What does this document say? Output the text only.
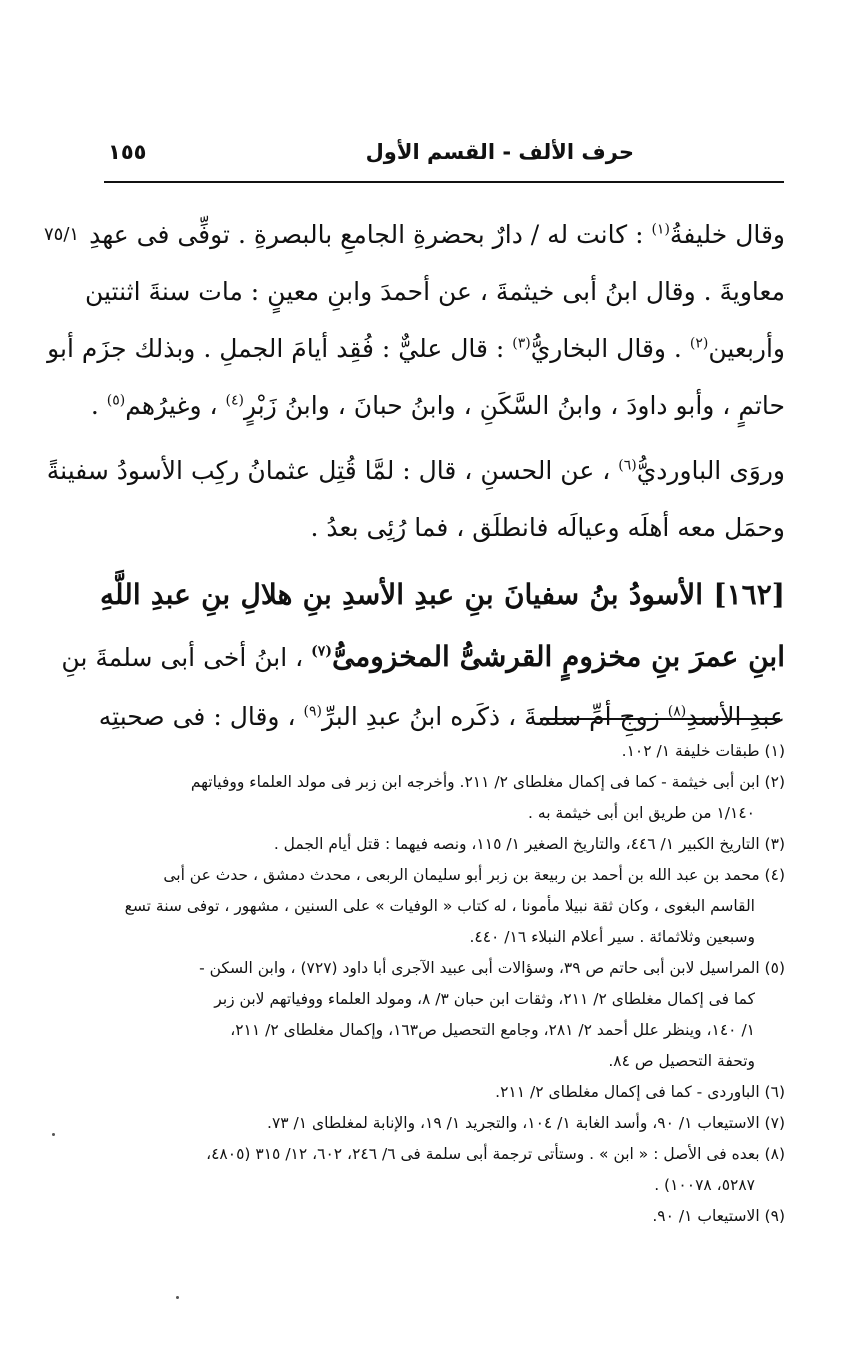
حرف الألف - القسم الأول
١٥٥
٧٥/١	وقال خليفةُ$^{(١)}$ : كانت له / دارٌ بحضرةِ الجامعِ بالبصرةِ . توفِّى فى عهدِ
معاويةَ . وقال ابنُ أبى خيثمةَ ، عن أحمدَ وابنِ معينٍ : مات سنةَ اثنتين
وأربعين$^{(٢)}$ . وقال البخاريُّ$^{(٣)}$ : قال عليٌّ : فُقِد أيامَ الجملِ . وبذلك جزَم أبو
حاتمٍ ، وأبو داودَ ، وابنُ السَّكَنِ ، وابنُ حبانَ ، وابنُ زَبْرٍ$^{(٤)}$ ، وغيرُهم$^{(٥)}$ .
وروَى الباورديُّ$^{(٦)}$ ، عن الحسنِ ، قال : لمَّا قُتِل عثمانُ ركِب الأسودُ سفينةً
وحمَل معه أهلَه وعيالَه فانطلَق ، فما رُئِى بعدُ .
[١٦٢] الأسودُ بنُ سفيانَ بنِ عبدِ الأسدِ بنِ هلالِ بنِ عبدِ اللَّهِ
ابنِ عمرَ بنِ مخزومٍ القرشىُّ المخزومىُّ$^{(٧)}$ ، ابنُ أخى أبى سلمةَ بنِ
عبدِ الأسدِ$^{(٨)}$ زوجِ أمِّ سلمةَ ، ذكَره ابنُ عبدِ البرِّ$^{(٩)}$ ، وقال : فى صحبتِه
(١) طبقات خليفة ١/ ١٠٢.
(٢) ابن أبى خيثمة - كما فى إكمال مغلطاى ٢/ ٢١١. وأخرجه ابن زبر فى مولد العلماء ووفياتهم
١/١٤٠ من طريق ابن أبى خيثمة به .
(٣) التاريخ الكبير ١/ ٤٤٦، والتاريخ الصغير ١/ ١١٥، ونصه فيهما : قتل أيام الجمل .
(٤) محمد بن عبد الله بن أحمد بن ربيعة بن زبر أبو سليمان الربعى ، محدث دمشق ، حدث عن أبى
القاسم البغوى ، وكان ثقة نبيلا مأمونا ، له كتاب « الوفيات » على السنين ، مشهور ، توفى سنة تسع
وسبعين وثلاثمائة . سير أعلام النبلاء ١٦/ ٤٤٠.
(٥) المراسيل لابن أبى حاتم ص ٣٩، وسؤالات أبى عبيد الآجرى أبا داود (٧٢٧) ، وابن السكن -
كما فى إكمال مغلطاى ٢/ ٢١١، وثقات ابن حبان ٣/ ٨، ومولد العلماء ووفياتهم لابن زبر
١/ ١٤٠، وينظر علل أحمد ٢/ ٢٨١، وجامع التحصيل ص١٦٣، وإكمال مغلطاى ٢/ ٢١١،
وتحفة التحصيل ص ٨٤.
(٦) الباوردى - كما فى إكمال مغلطاى ٢/ ٢١١.
(٧) الاستيعاب ١/ ٩٠، وأسد الغابة ١/ ١٠٤، والتجريد ١/ ١٩، والإنابة لمغلطاى ١/ ٧٣.
(٨) بعده فى الأصل : « ابن » . وستأتى ترجمة أبى سلمة فى ٦/ ٢٤٦، ٦٠٢، ١٢/ ٣١٥ (٤٨٠٥،
٥٢٨٧، ١٠٠٧٨) .
(٩) الاستيعاب ١/ ٩٠.
